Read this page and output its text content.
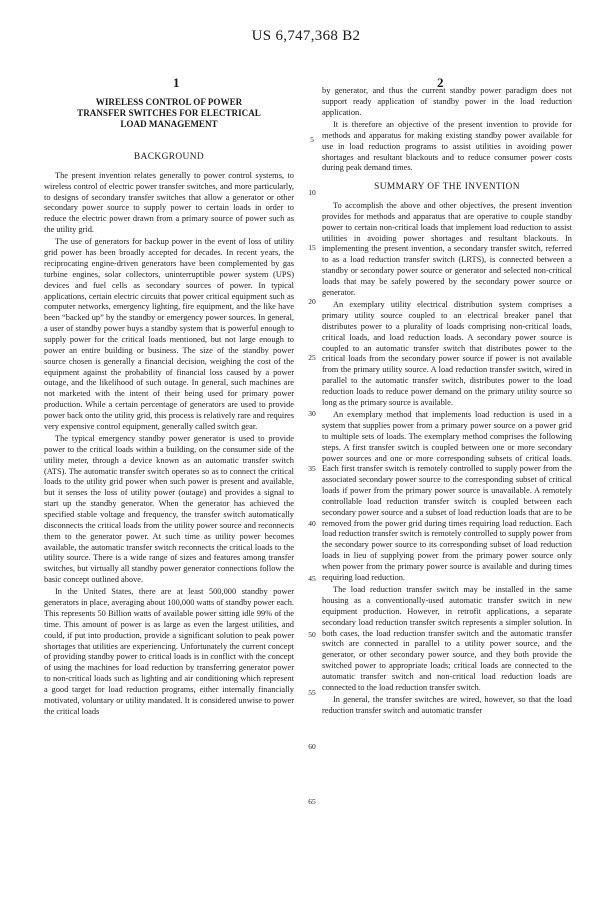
US 6,747,368 B2
1	2
WIRELESS CONTROL OF POWER
TRANSFER SWITCHES FOR ELECTRICAL
LOAD MANAGEMENT
BACKGROUND

The present invention relates generally to power control systems, to wireless control of electric power transfer switches, and more particularly, to designs of secondary transfer switches that allow a generator or other secondary power source to supply power to certain loads in order to reduce the electric power drawn from a primary source of power such as the utility grid.

The use of generators for backup power in the event of loss of utility grid power has been broadly accepted for decades. In recent years, the reciprocating engine-driven generators have been complemented by gas turbine engines, solar collectors, uninterruptible power system (UPS) devices and fuel cells as secondary sources of power. In typical applications, certain electric circuits that power critical equipment such as computer networks, emergency lighting, fire equipment, and the like have been “backed up” by the standby or emergency power sources. In general, a user of standby power buys a standby system that is powerful enough to supply power for the critical loads mentioned, but not large enough to power an entire building or business. The size of the standby power source chosen is generally a financial decision, weighing the cost of the equipment against the probability of financial loss caused by a power outage, and the likelihood of such outage. In general, such machines are not marketed with the intent of their being used for primary power production. While a certain percentage of generators are used to provide power back onto the utility grid, this process is relatively rare and requires very expensive control equipment, generally called switch gear.

The typical emergency standby power generator is used to provide power to the critical loads within a building, on the consumer side of the utility meter, through a device known as an automatic transfer switch (ATS). The automatic transfer switch operates so as to connect the critical loads to the utility grid power when such power is present and available, but it senses the loss of utility power (outage) and provides a signal to start up the standby generator. When the generator has achieved the specified stable voltage and frequency, the transfer switch automatically disconnects the critical loads from the utility power source and reconnects them to the generator power. At such time as utility power becomes available, the automatic transfer switch reconnects the critical loads to the utility source. There is a wide range of sizes and features among transfer switches, but virtually all standby power generator connections follow the basic concept outlined above.

In the United States, there are at least 500,000 standby power generators in place, averaging about 100,000 watts of standby power each. This represents 50 Billion watts of available power sitting idle 99% of the time. This amount of power is as large as even the largest utilities, and could, if put into production, provide a significant solution to peak power shortages that utilities are experiencing. Unfortunately the current concept of providing standby power to critical loads is in conflict with the concept of using the machines for load reduction by transferring generator power to non-critical loads such as lighting and air conditioning which represent a good target for load reduction programs, either internally financially motivated, voluntary or utility mandated. It is considered unwise to power the critical loads

5
10
15
20
25
30
35
40
45
50
55
60
65

by generator, and thus the current standby power paradigm does not support ready application of standby power in the load reduction application.

It is therefore an objective of the present invention to provide for methods and apparatus for making existing standby power available for use in load reduction programs to assist utilities in avoiding power shortages and resultant blackouts and to reduce consumer power costs during peak demand times.

SUMMARY OF THE INVENTION

To accomplish the above and other objectives, the present invention provides for methods and apparatus that are operative to couple standby power to certain non-critical loads that implement load reduction to assist utilities in avoiding power shortages and resultant blackouts. In implementing the present invention, a secondary transfer switch, referred to as a load reduction transfer switch (LRTS), is connected between a standby or secondary power source or generator and selected non-critical loads that may be safely powered by the secondary power source or generator.

An exemplary utility electrical distribution system comprises a primary utility source coupled to an electrical breaker panel that distributes power to a plurality of loads comprising non-critical loads, critical loads, and load reduction loads. A secondary power source is coupled to an automatic transfer switch that distributes power to the critical loads from the secondary power source if power is not available from the primary utility source. A load reduction transfer switch, wired in parallel to the automatic transfer switch, distributes power to the load reduction loads to reduce power demand on the primary utility source so long as the primary source is available.

An exemplary method that implements load reduction is used in a system that supplies power from a primary power source on a power grid to multiple sets of loads. The exemplary method comprises the following steps. A first transfer switch is coupled between one or more secondary power sources and one or more corresponding subsets of critical loads. Each first transfer switch is remotely controlled to supply power from the associated secondary power source to the corresponding subset of critical loads if power from the primary power source is unavailable. A remotely controllable load reduction transfer switch is coupled between each secondary power source and a subset of load reduction loads that are to be removed from the power grid during times requiring load reduction. Each load reduction transfer switch is remotely controlled to supply power from the secondary power source to its corresponding subset of load reduction loads in lieu of supplying power from the primary power source only when power from the primary power source is available and during times requiring load reduction.

The load reduction transfer switch may be installed in the same housing as a conventionally-used automatic transfer switch in new equipment production. However, in retrofit applications, a separate secondary load reduction transfer switch represents a simpler solution. In both cases, the load reduction transfer switch and the automatic transfer switch are connected in parallel to a utility power source, and the generator, or other secondary power source, and they both provide the switched power to appropriate loads; critical loads are connected to the automatic transfer switch and non-critical load reduction loads are connected to the load reduction transfer switch.

In general, the transfer switches are wired, however, so that the load reduction transfer switch and automatic transfer
